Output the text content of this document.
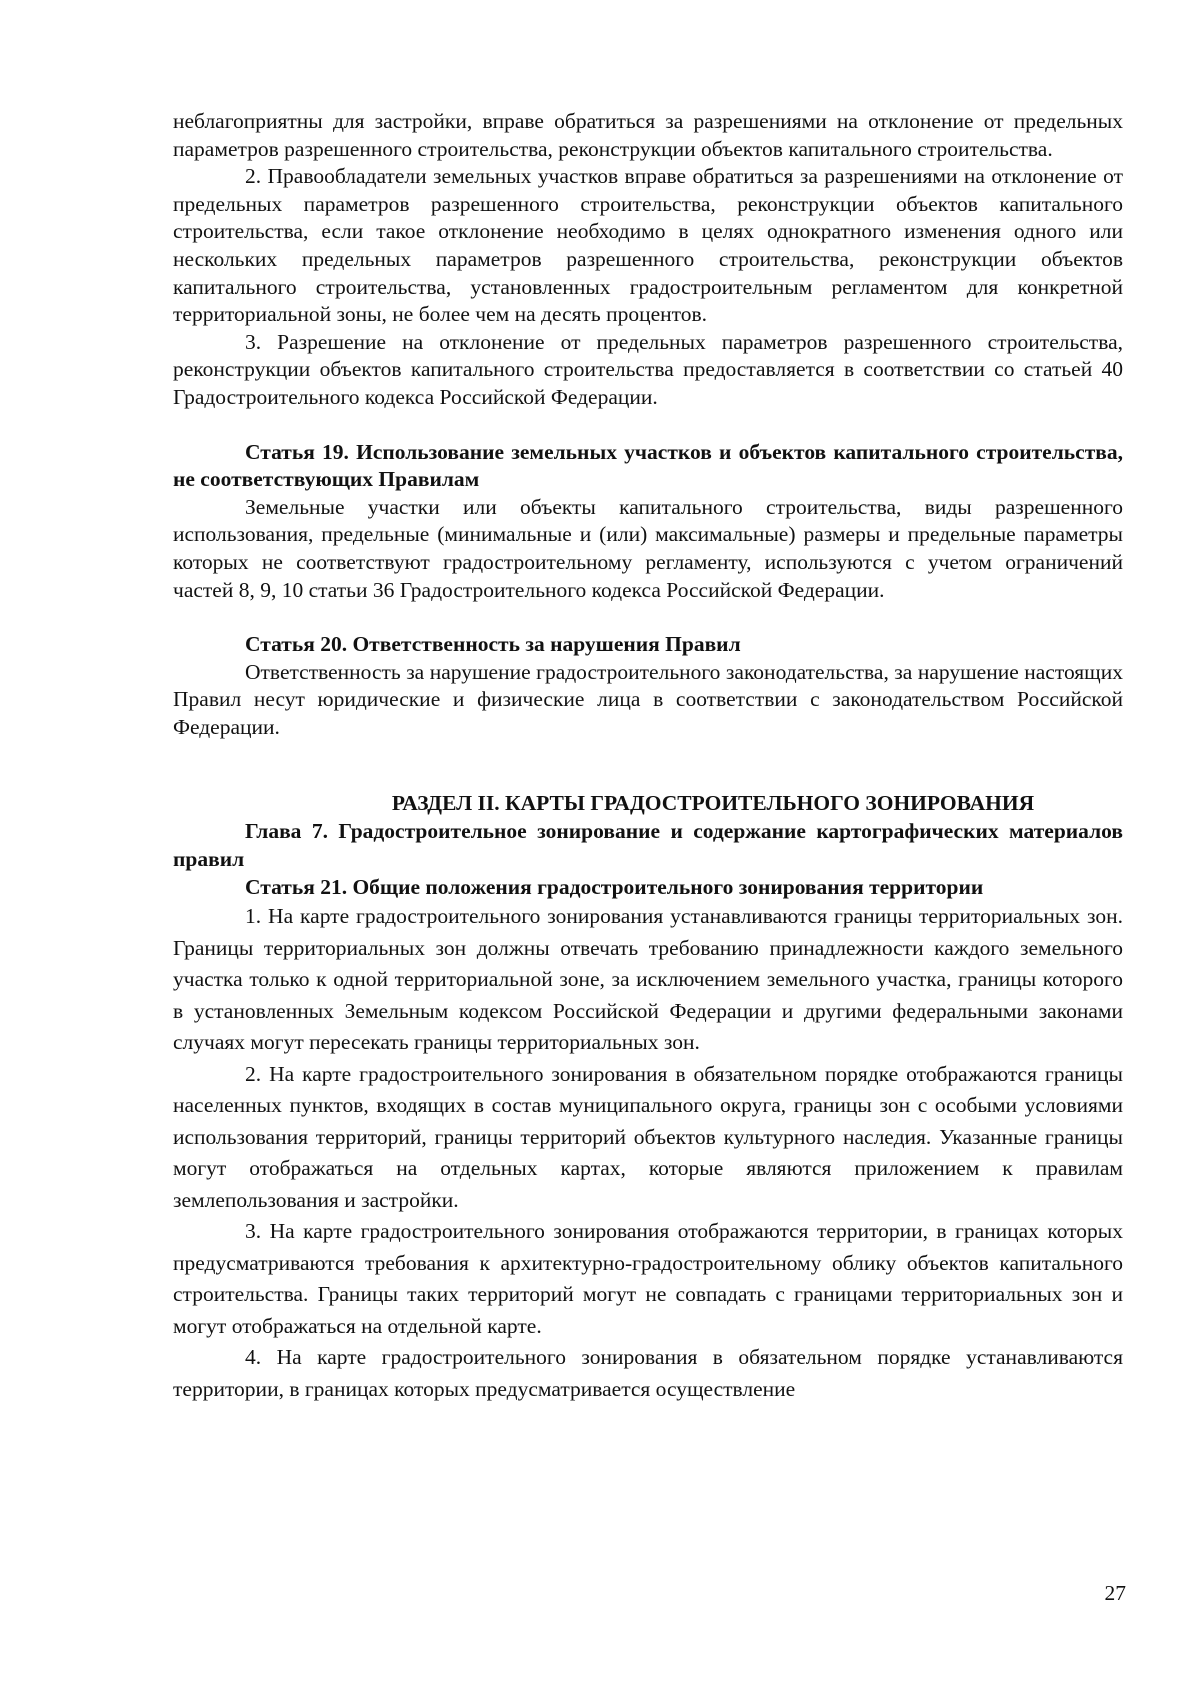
неблагоприятны для застройки, вправе обратиться за разрешениями на отклонение от предельных параметров разрешенного строительства, реконструкции объектов капитального строительства.

2. Правообладатели земельных участков вправе обратиться за разрешениями на отклонение от предельных параметров разрешенного строительства, реконструкции объектов капитального строительства, если такое отклонение необходимо в целях однократного изменения одного или нескольких предельных параметров разрешенного строительства, реконструкции объектов капитального строительства, установленных градостроительным регламентом для конкретной территориальной зоны, не более чем на десять процентов.

3. Разрешение на отклонение от предельных параметров разрешенного строительства, реконструкции объектов капитального строительства предоставляется в соответствии со статьей 40 Градостроительного кодекса Российской Федерации.

Статья 19. Использование земельных участков и объектов капитального строительства, не соответствующих Правилам

Земельные участки или объекты капитального строительства, виды разрешенного использования, предельные (минимальные и (или) максимальные) размеры и предельные параметры которых не соответствуют градостроительному регламенту, используются с учетом ограничений частей 8, 9, 10 статьи 36 Градостроительного кодекса Российской Федерации.

Статья 20. Ответственность за нарушения Правил

Ответственность за нарушение градостроительного законодательства, за нарушение настоящих Правил несут юридические и физические лица в соответствии с законодательством Российской Федерации.

РАЗДЕЛ II. КАРТЫ ГРАДОСТРОИТЕЛЬНОГО ЗОНИРОВАНИЯ

Глава 7. Градостроительное зонирование и содержание картографических материалов правил

Статья 21. Общие положения градостроительного зонирования территории

1. На карте градостроительного зонирования устанавливаются границы территориальных зон. Границы территориальных зон должны отвечать требованию принадлежности каждого земельного участка только к одной территориальной зоне, за исключением земельного участка, границы которого в установленных Земельным кодексом Российской Федерации и другими федеральными законами случаях могут пересекать границы территориальных зон.

2. На карте градостроительного зонирования в обязательном порядке отображаются границы населенных пунктов, входящих в состав муниципального округа, границы зон с особыми условиями использования территорий, границы территорий объектов культурного наследия. Указанные границы могут отображаться на отдельных картах, которые являются приложением к правилам землепользования и застройки.

3. На карте градостроительного зонирования отображаются территории, в границах которых предусматриваются требования к архитектурно-градостроительному облику объектов капитального строительства. Границы таких территорий могут не совпадать с границами территориальных зон и могут отображаться на отдельной карте.

4. На карте градостроительного зонирования в обязательном порядке устанавливаются территории, в границах которых предусматривается осуществление

27
